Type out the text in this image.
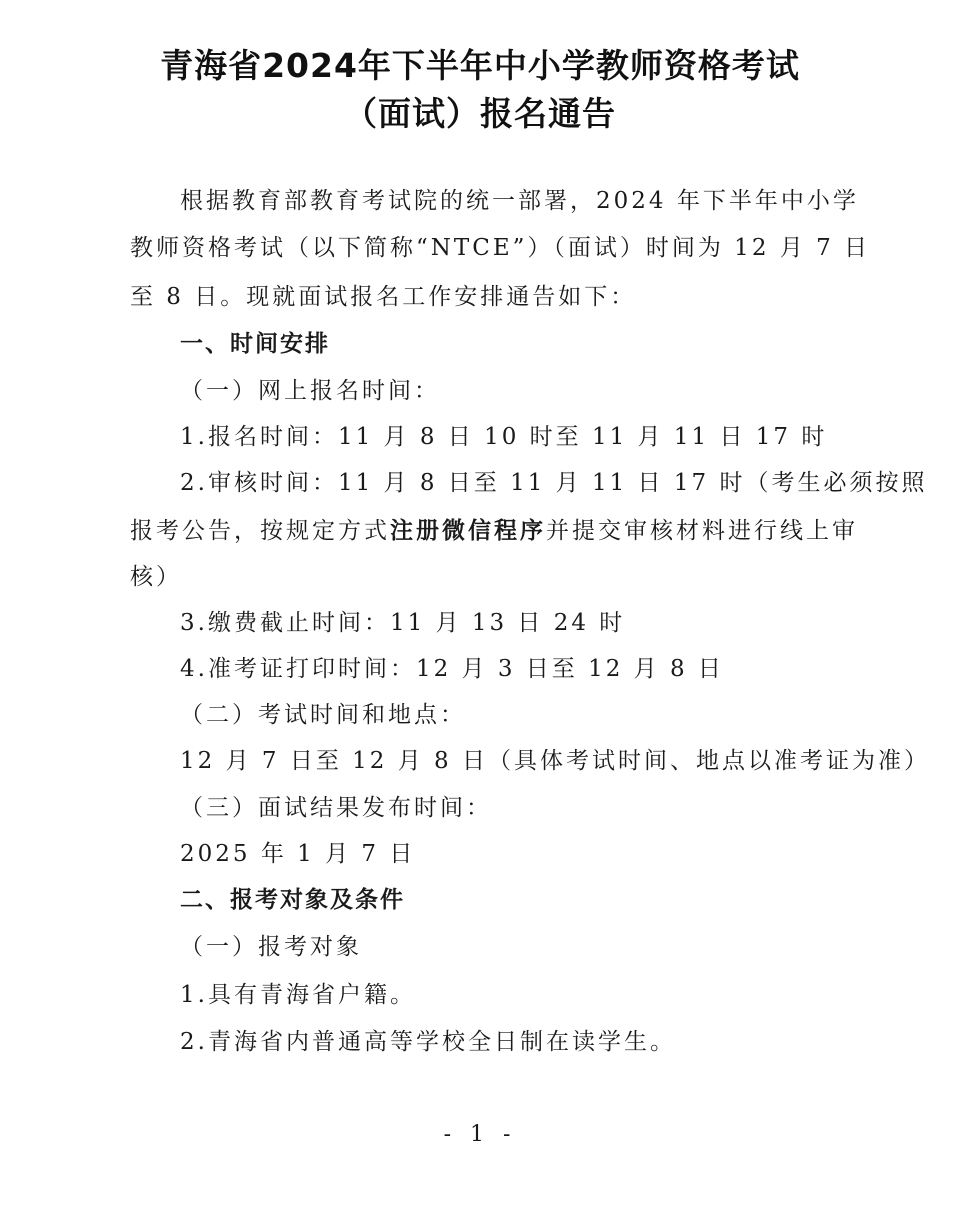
青海省2024年下半年中小学教师资格考试
（面试）报名通告

根据教育部教育考试院的统一部署，2024 年下半年中小学

教师资格考试（以下简称“NTCE”）（面试）时间为 12 月 7 日

至 8 日。现就面试报名工作安排通告如下：

一、时间安排

（一）网上报名时间：

1.报名时间：11 月 8 日 10 时至 11 月 11 日 17 时

2.审核时间：11 月 8 日至 11 月 11 日 17 时（考生必须按照

报考公告，按规定方式注册微信程序并提交审核材料进行线上审

核）

3.缴费截止时间：11 月 13 日 24 时

4.准考证打印时间：12 月 3 日至 12 月 8 日

（二）考试时间和地点：

12 月 7 日至 12 月 8 日（具体考试时间、地点以准考证为准）

（三）面试结果发布时间：

2025 年 1 月 7 日

二、报考对象及条件

（一）报考对象

1.具有青海省户籍。

2.青海省内普通高等学校全日制在读学生。

- 1 -
